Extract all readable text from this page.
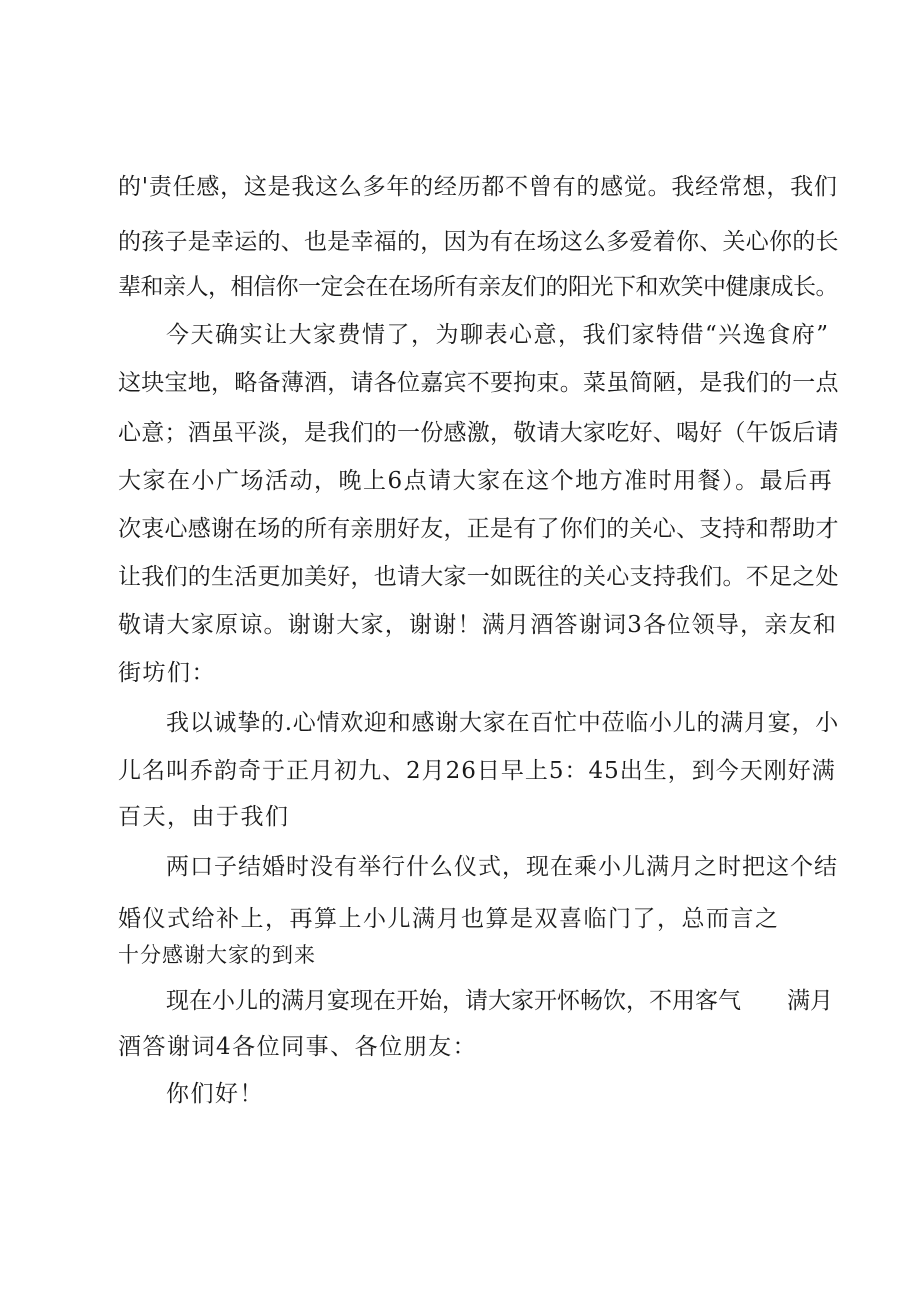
的'责任感，这是我这么多年的经历都不曾有的感觉。我经常想，我们
的孩子是幸运的、也是幸福的，因为有在场这么多爱着你、关心你的长
辈和亲人，相信你一定会在在场所有亲友们的阳光下和欢笑中健康成长。
今天确实让大家费情了，为聊表心意，我们家特借“兴逸食府”
这块宝地，略备薄酒，请各位嘉宾不要拘束。菜虽简陋，是我们的一点
心意；酒虽平淡，是我们的一份感激，敬请大家吃好、喝好（午饭后请
大家在小广场活动，晚上6点请大家在这个地方准时用餐）。最后再
次衷心感谢在场的所有亲朋好友，正是有了你们的关心、支持和帮助才
让我们的生活更加美好，也请大家一如既往的关心支持我们。不足之处
敬请大家原谅。谢谢大家，谢谢！满月酒答谢词3各位领导，亲友和
街坊们：
我以诚挚的.心情欢迎和感谢大家在百忙中莅临小儿的满月宴，小
儿名叫乔韵奇于正月初九、2月26日早上5：45出生，到今天刚好满
百天，由于我们
两口子结婚时没有举行什么仪式，现在乘小儿满月之时把这个结
婚仪式给补上，再算上小儿满月也算是双喜临门了，总而言之
十分感谢大家的到来
现在小儿的满月宴现在开始，请大家开怀畅饮，不用客气　　满月
酒答谢词4各位同事、各位朋友：
你们好！
